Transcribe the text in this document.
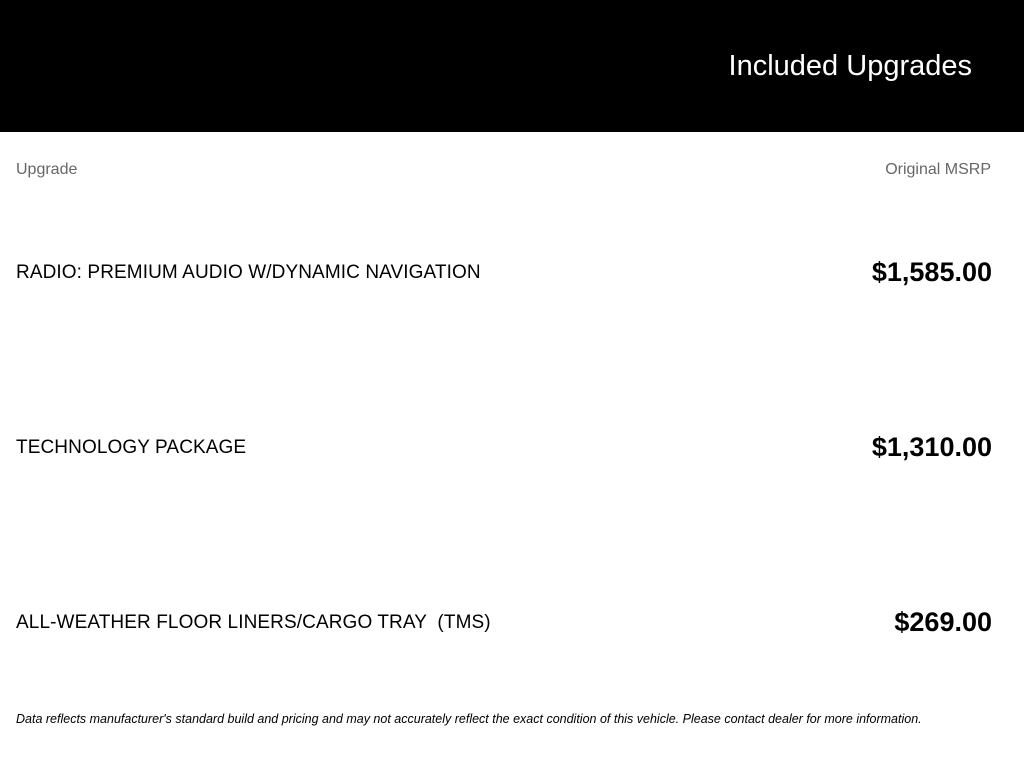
Included Upgrades
Upgrade	Original MSRP
RADIO: PREMIUM AUDIO W/DYNAMIC NAVIGATION	$1,585.00
TECHNOLOGY PACKAGE	$1,310.00
ALL-WEATHER FLOOR LINERS/CARGO TRAY  (TMS)	$269.00
Data reflects manufacturer's standard build and pricing and may not accurately reflect the exact condition of this vehicle. Please contact dealer for more information.
